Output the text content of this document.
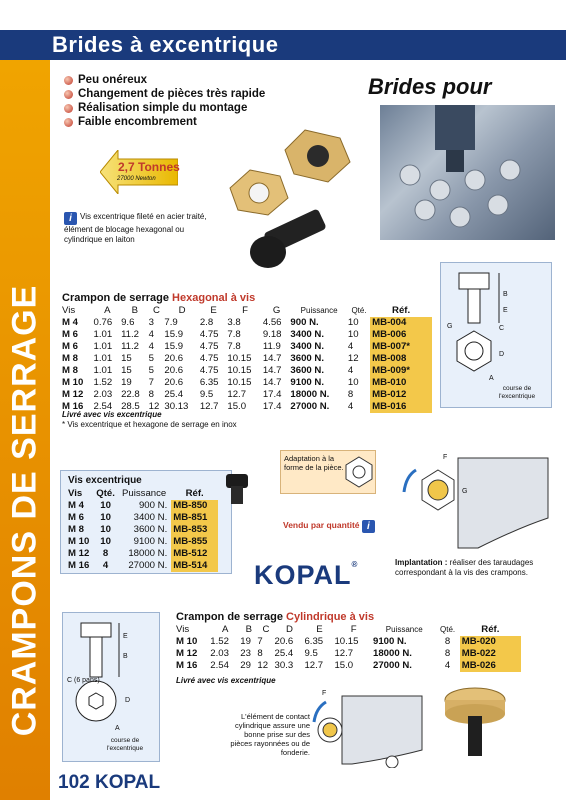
Brides à excentrique
CRAMPONS DE SERRAGE
102 KOPAL
Peu onéreux
Changement de pièces très rapide
Réalisation simple du montage
Faible encombrement
Brides pour
2,7 Tonnes
27000 Newton
i Vis excentrique fileté en acier traité, élément de blocage hexagonal ou cylindrique en laiton
Crampon de serrage Hexagonal à vis
Vis	A	B	C	D	E	F	G	Puissance	Qté.	Réf.
M 4	0.76	9.6	3	7.9	2.8	3.8	4.56	900 N.	10	MB-004
M 6	1.01	11.2	4	15.9	4.75	7.8	9.18	3400 N.	10	MB-006
M 6	1.01	11.2	4	15.9	4.75	7.8	11.9	3400 N.	4	MB-007*
M 8	1.01	15	5	20.6	4.75	10.15	14.7	3600 N.	12	MB-008
M 8	1.01	15	5	20.6	4.75	10.15	14.7	3600 N.	4	MB-009*
M 10	1.52	19	7	20.6	6.35	10.15	14.7	9100 N.	10	MB-010
M 12	2.03	22.8	8	25.4	9.5	12.7	17.4	18000 N.	8	MB-012
M 16	2.54	28.5	12	30.13	12.7	15.0	17.4	27000 N.	4	MB-016
Livré avec vis excentrique
* Vis excentrique et hexagone de serrage en inox
B
E
G	C
D
A
course de l'excentrique
Vis excentrique
Vis	Qté.	Puissance	Réf.
M 4	10	900 N.	MB-850
M 6	10	3400 N.	MB-851
M 8	10	3600 N.	MB-853
M 10	10	9100 N.	MB-855
M 12	8	18000 N.	MB-512
M 16	4	27000 N.	MB-514
Adaptation à la forme de la pièce.
Vendu par quantité i
F
G
KOPAL®	Implantation : réaliser des taraudages correspondant à la vis des crampons.
Crampon de serrage Cylindrique à vis
Vis	A	B	C	D	E	F	Puissance	Qté.	Réf.
M 10	1.52	19	7	20.6	6.35	10.15	9100 N.	8	MB-020
M 12	2.03	23	8	25.4	9.5	12.7	18000 N.	8	MB-022
M 16	2.54	29	12	30.3	12.7	15.0	27000 N.	4	MB-026
Livré avec vis excentrique
E
B
C (6 pans)
D
A
course de l'excentrique
L'élément de contact cylindrique assure une bonne prise sur des pièces rayonnées ou de fonderie.
F
